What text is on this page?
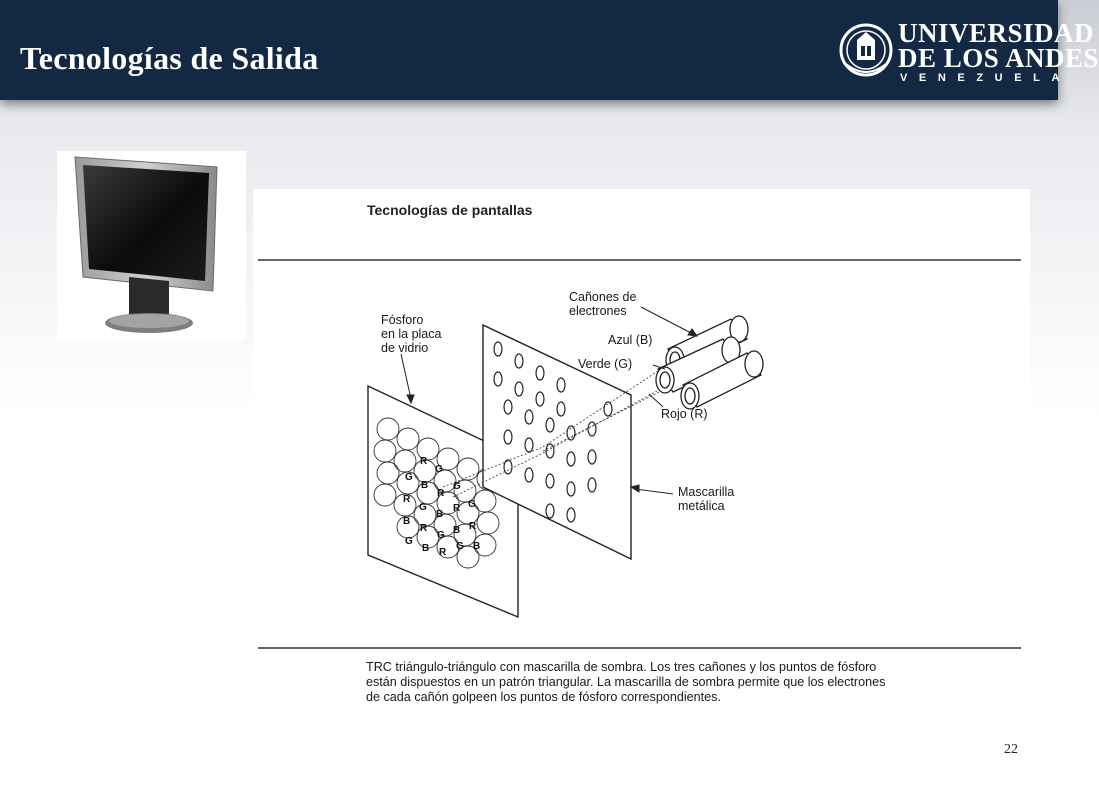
Tecnologías de Salida
UNIVERSIDAD
DE LOS ANDES
VENEZUELA
Tecnologías de pantallas
R
G
G
B
R
G
R
G
B
R G
B
R
G B R
G
B R
G B
Fósforo
en la placa
de vidrio
Cañones de
electrones
Azul (B)
Verde (G)
Rojo (R)
Mascarilla
metálica
TRC triángulo-triángulo con mascarilla de sombra. Los tres cañones y los puntos de fósforo
están dispuestos en un patrón triangular. La mascarilla de sombra permite que los electrones
de cada cañón golpeen los puntos de fósforo correspondientes.
22
